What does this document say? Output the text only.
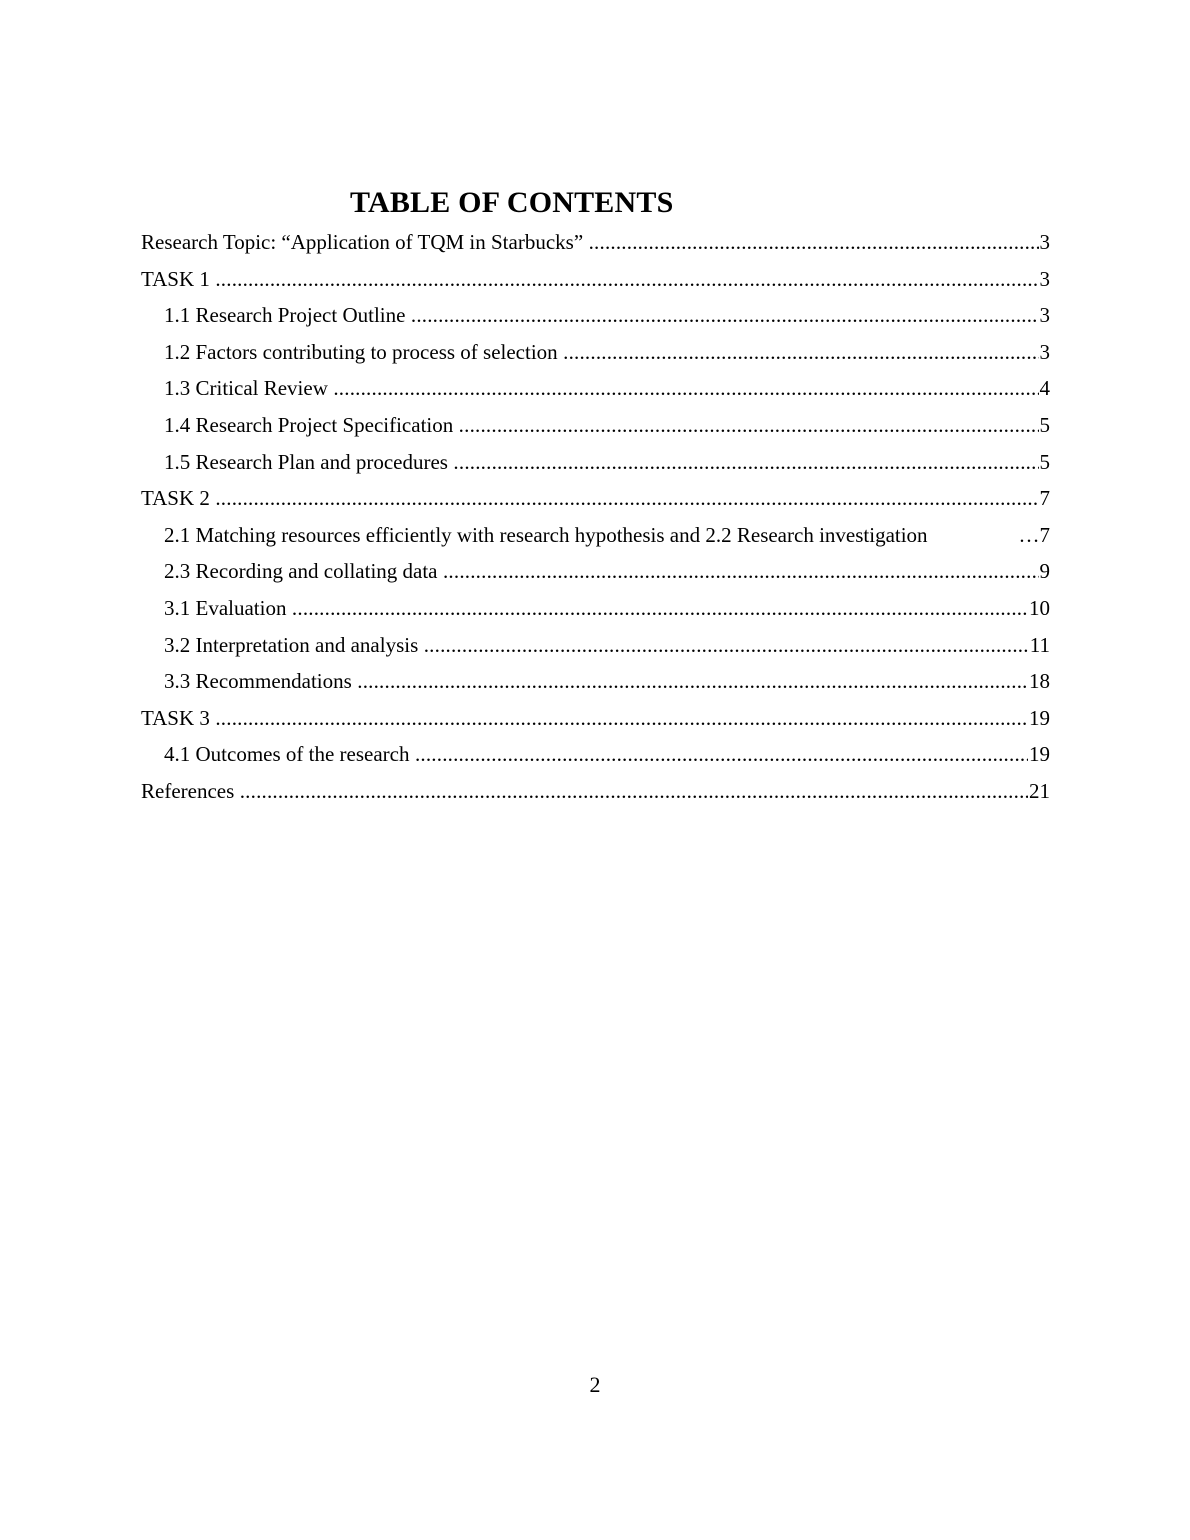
TABLE OF CONTENTS
Research Topic: “Application of TQM in Starbucks” .....	3
TASK 1 .....	3
1.1 Research Project Outline .....	3
1.2 Factors contributing to process of selection .....	3
1.3 Critical Review .....	4
1.4 Research Project Specification .....	5
1.5 Research Plan and procedures .....	5
TASK 2 .....	7
2.1 Matching resources efficiently with research hypothesis and 2.2 Research investigation	… 7
2.3 Recording and collating data .....	9
3.1 Evaluation .....	10
3.2 Interpretation and analysis .....	11
3.3 Recommendations .....	18
TASK 3 .....	19
4.1 Outcomes of the research .....	19
References .....	21
2
